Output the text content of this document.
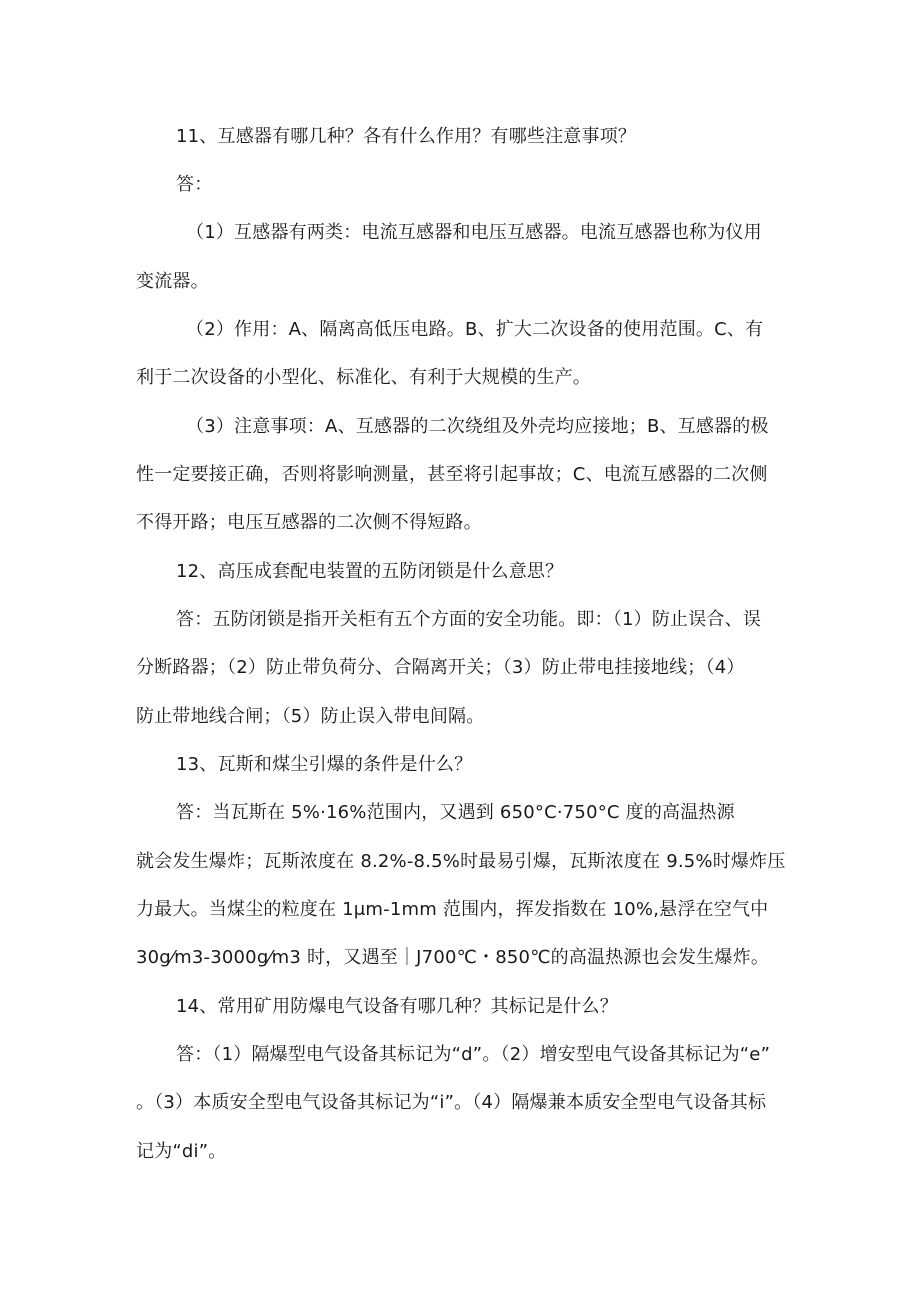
11、互感器有哪几种？各有什么作用？有哪些注意事项？
答：
（1）互感器有两类：电流互感器和电压互感器。电流互感器也称为仪用
变流器。
（2）作用：A、隔离高低压电路。B、扩大二次设备的使用范围。C、有
利于二次设备的小型化、标准化、有利于大规模的生产。
（3）注意事项：A、互感器的二次绕组及外壳均应接地；B、互感器的极
性一定要接正确，否则将影响测量，甚至将引起事故；C、电流互感器的二次侧
不得开路；电压互感器的二次侧不得短路。
12、高压成套配电装置的五防闭锁是什么意思？
答：五防闭锁是指开关柜有五个方面的安全功能。即：（1）防止误合、误
分断路器；（2）防止带负荷分、合隔离开关；（3）防止带电挂接地线；（4）
防止带地线合闸；（5）防止误入带电间隔。
13、瓦斯和煤尘引爆的条件是什么？
答：当瓦斯在 5%·16%范围内，又遇到 650°C·750°C 度的高温热源
就会发生爆炸；瓦斯浓度在 8.2%-8.5%时最易引爆，瓦斯浓度在 9.5%时爆炸压
力最大。当煤尘的粒度在 1μm-1mm 范围内，挥发指数在 10%,悬浮在空气中
30g⁄m3-3000g⁄m3 时，又遇至｜J700℃・850℃的高温热源也会发生爆炸。
14、常用矿用防爆电气设备有哪几种？其标记是什么？
答：（1）隔爆型电气设备其标记为“d”。（2）增安型电气设备其标记为“e”
。（3）本质安全型电气设备其标记为“i”。（4）隔爆兼本质安全型电气设备其标
记为“di”。
